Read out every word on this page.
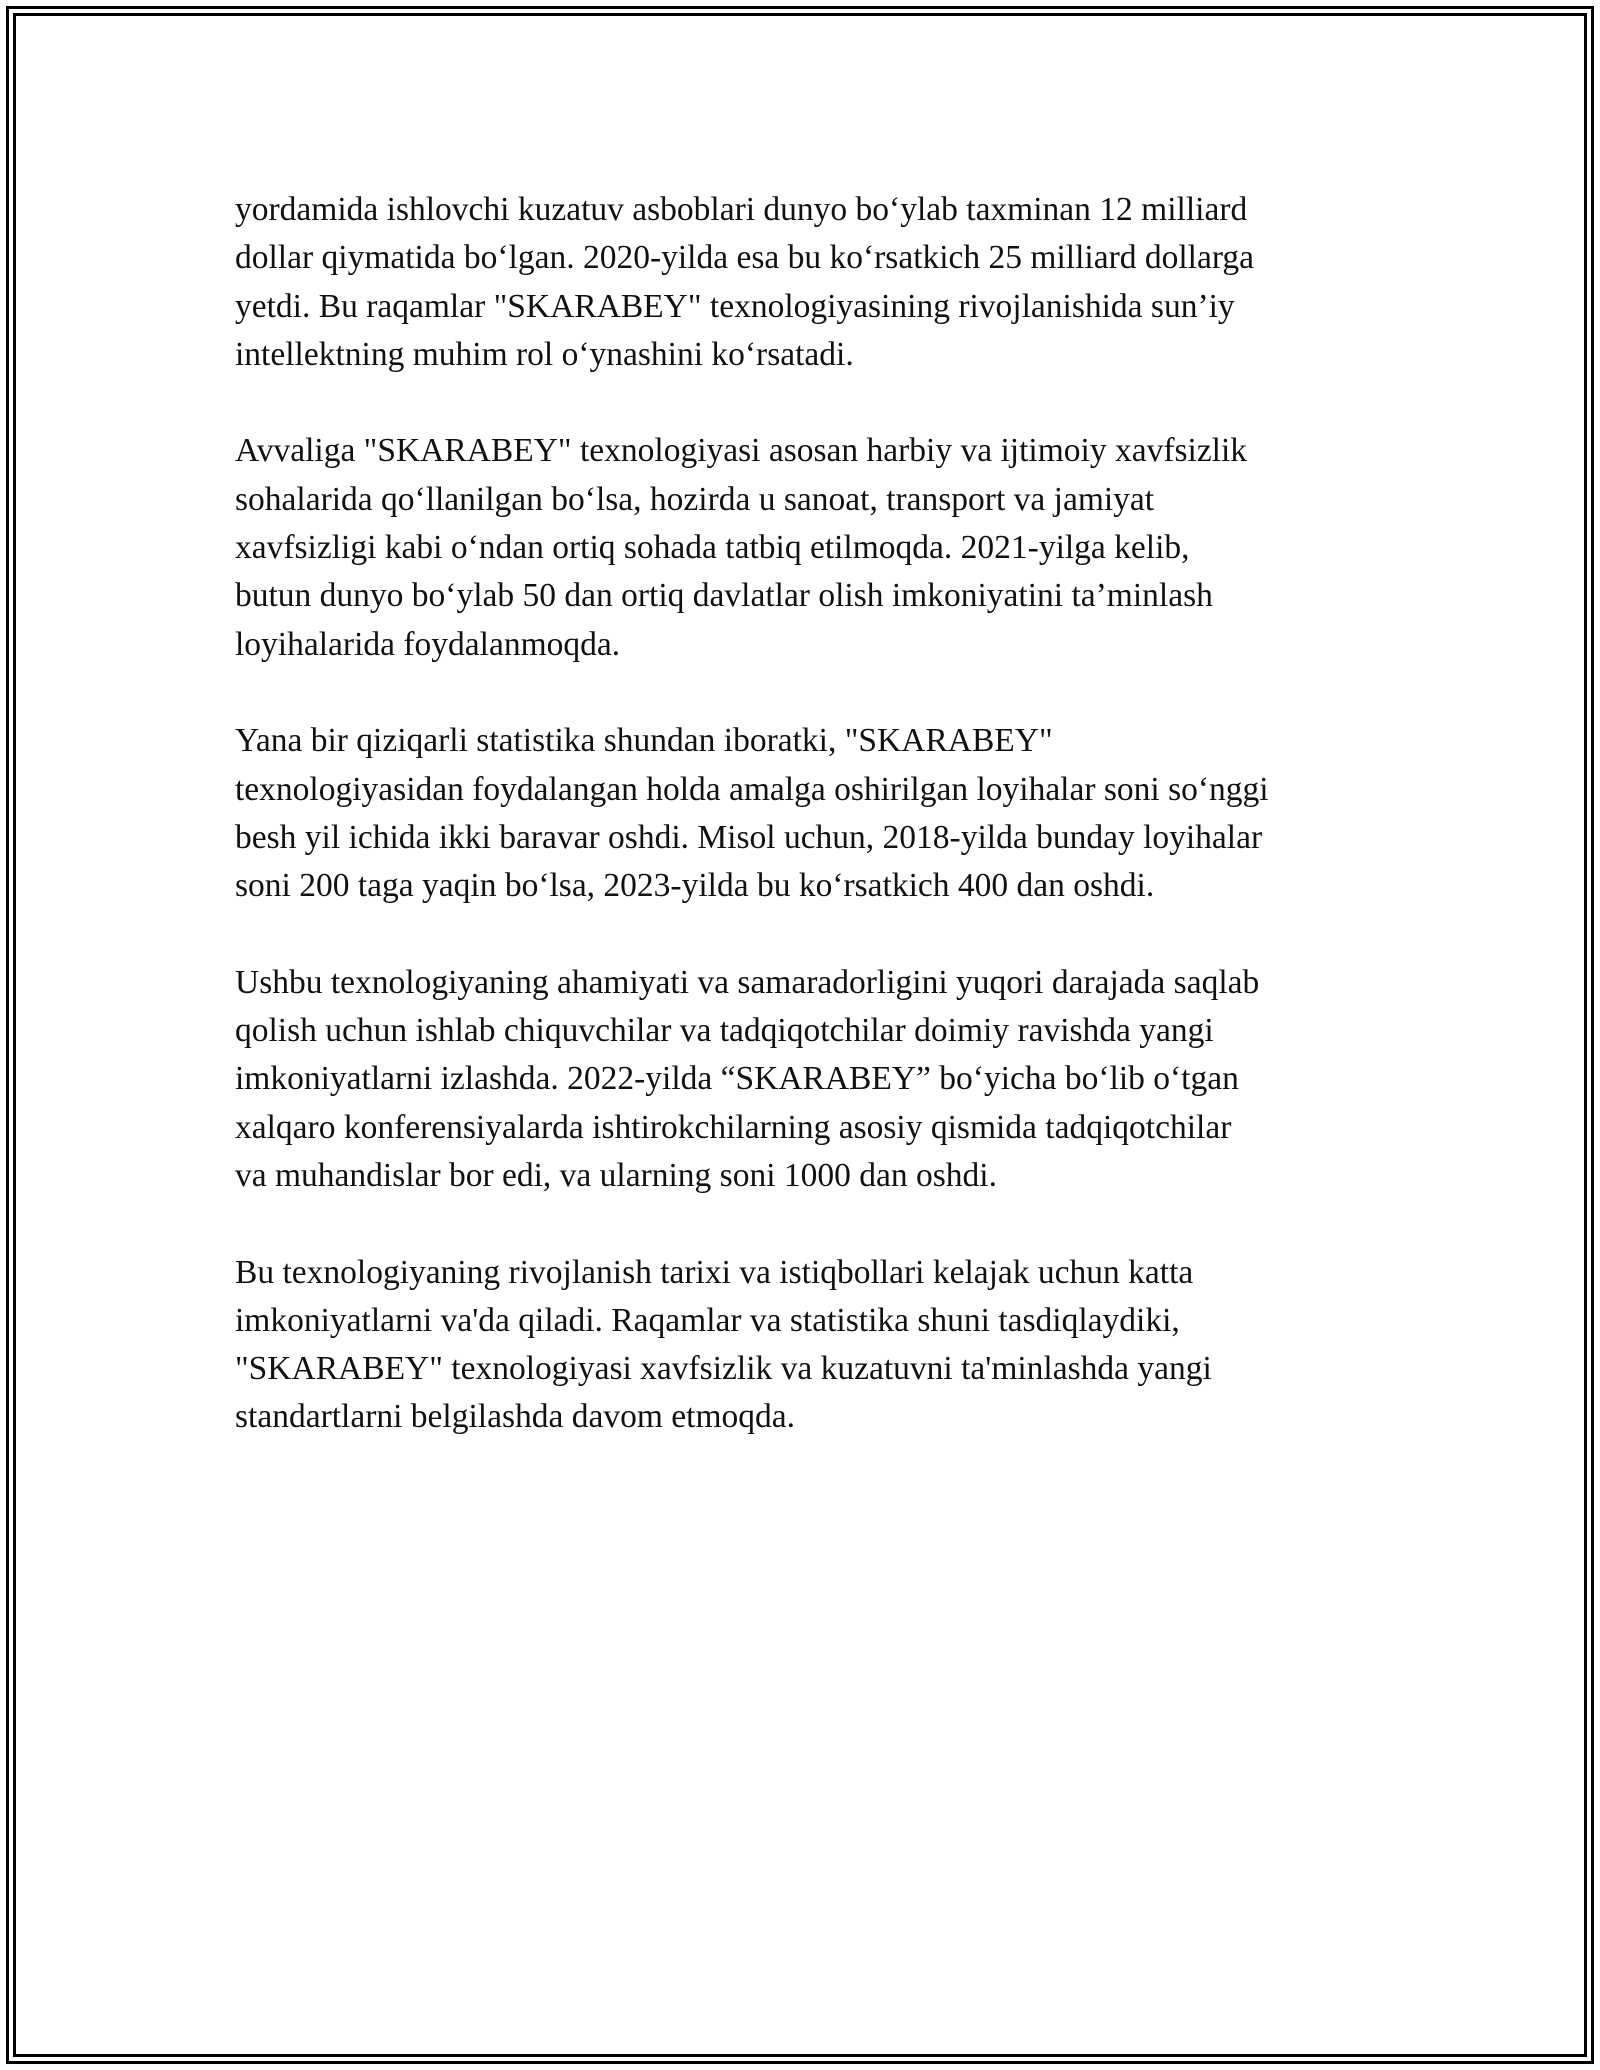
yordamida ishlovchi kuzatuv asboblari dunyo bo‘ylab taxminan 12 milliard
dollar qiymatida bo‘lgan. 2020-yilda esa bu ko‘rsatkich 25 milliard dollarga
yetdi. Bu raqamlar "SKARABEY" texnologiyasining rivojlanishida sun’iy
intellektning muhim rol o‘ynashini ko‘rsatadi.

Avvaliga "SKARABEY" texnologiyasi asosan harbiy va ijtimoiy xavfsizlik
sohalarida qo‘llanilgan bo‘lsa, hozirda u sanoat, transport va jamiyat
xavfsizligi kabi o‘ndan ortiq sohada tatbiq etilmoqda. 2021-yilga kelib,
butun dunyo bo‘ylab 50 dan ortiq davlatlar olish imkoniyatini ta’minlash
loyihalarida foydalanmoqda.

Yana bir qiziqarli statistika shundan iboratki, "SKARABEY"
texnologiyasidan foydalangan holda amalga oshirilgan loyihalar soni so‘nggi
besh yil ichida ikki baravar oshdi. Misol uchun, 2018-yilda bunday loyihalar
soni 200 taga yaqin bo‘lsa, 2023-yilda bu ko‘rsatkich 400 dan oshdi.

Ushbu texnologiyaning ahamiyati va samaradorligini yuqori darajada saqlab
qolish uchun ishlab chiquvchilar va tadqiqotchilar doimiy ravishda yangi
imkoniyatlarni izlashda. 2022-yilda “SKARABEY” bo‘yicha bo‘lib o‘tgan
xalqaro konferensiyalarda ishtirokchilarning asosiy qismida tadqiqotchilar
va muhandislar bor edi, va ularning soni 1000 dan oshdi.

Bu texnologiyaning rivojlanish tarixi va istiqbollari kelajak uchun katta
imkoniyatlarni va'da qiladi. Raqamlar va statistika shuni tasdiqlaydiki,
"SKARABEY" texnologiyasi xavfsizlik va kuzatuvni ta'minlashda yangi
standartlarni belgilashda davom etmoqda.
